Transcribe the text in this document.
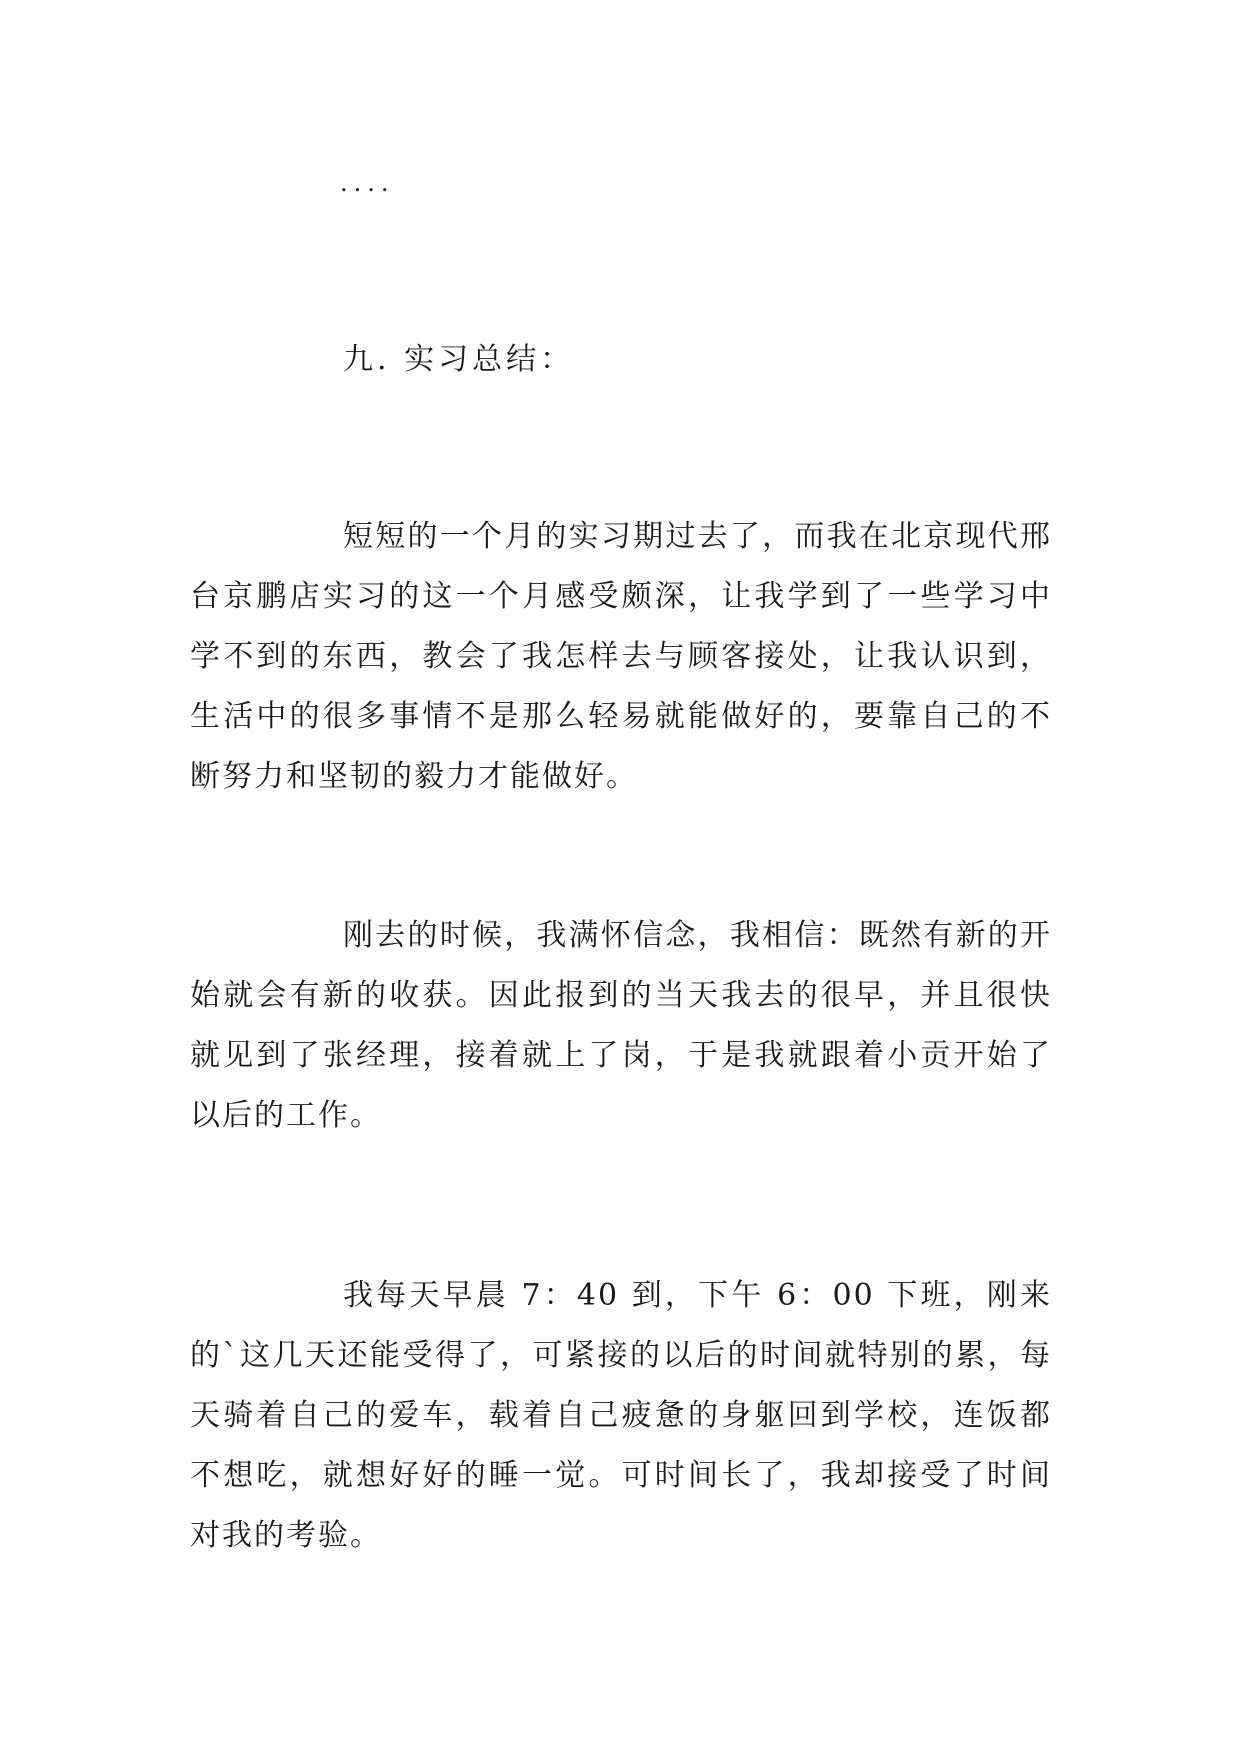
....
九. 实习总结：

短短的一个月的实习期过去了，而我在北京现代邢台京鹏店实习的这一个月感受颇深，让我学到了一些学习中学不到的东西，教会了我怎样去与顾客接处，让我认识到，生活中的很多事情不是那么轻易就能做好的，要靠自己的不断努力和坚韧的毅力才能做好。

刚去的时候，我满怀信念，我相信：既然有新的开始就会有新的收获。因此报到的当天我去的很早，并且很快就见到了张经理，接着就上了岗，于是我就跟着小贡开始了以后的工作。

我每天早晨 7：40 到，下午 6：00 下班，刚来的`这几天还能受得了，可紧接的以后的时间就特别的累，每天骑着自己的爱车，载着自己疲惫的身躯回到学校，连饭都不想吃，就想好好的睡一觉。可时间长了，我却接受了时间对我的考验。
